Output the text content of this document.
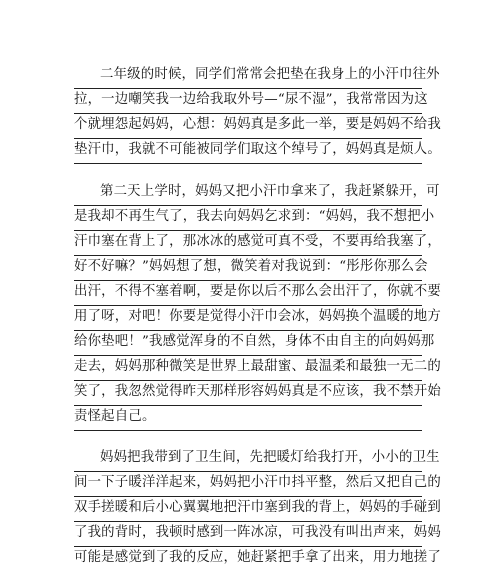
二年级的时候，同学们常常会把垫在我身上的小汗巾往外
拉，一边嘲笑我一边给我取外号—“尿不湿”，我常常因为这
个就埋怨起妈妈，心想：妈妈真是多此一举，要是妈妈不给我
垫汗巾，我就不可能被同学们取这个绰号了，妈妈真是烦人。
第二天上学时，妈妈又把小汗巾拿来了，我赶紧躲开，可
是我却不再生气了，我去向妈妈乞求到：“妈妈，我不想把小
汗巾塞在背上了，那冰冰的感觉可真不受，不要再给我塞了，
好不好嘛？”妈妈想了想，微笑着对我说到：“彤彤你那么会
出汗，不得不塞着啊，要是你以后不那么会出汗了，你就不要
用了呀，对吧！你要是觉得小汗巾会冰，妈妈换个温暖的地方
给你垫吧！”我感觉浑身的不自然，身体不由自主的向妈妈那
走去，妈妈那种微笑是世界上最甜蜜、最温柔和最独一无二的
笑了，我忽然觉得昨天那样形容妈妈真是不应该，我不禁开始
责怪起自己。
妈妈把我带到了卫生间，先把暖灯给我打开，小小的卫生
间一下子暖洋洋起来，妈妈把小汗巾抖平整，然后又把自己的
双手搓暖和后小心翼翼地把汗巾塞到我的背上，妈妈的手碰到
了我的背时，我顿时感到一阵冰凉，可我没有叫出声来，妈妈
可能是感觉到了我的反应，她赶紧把手拿了出来，用力地搓了
